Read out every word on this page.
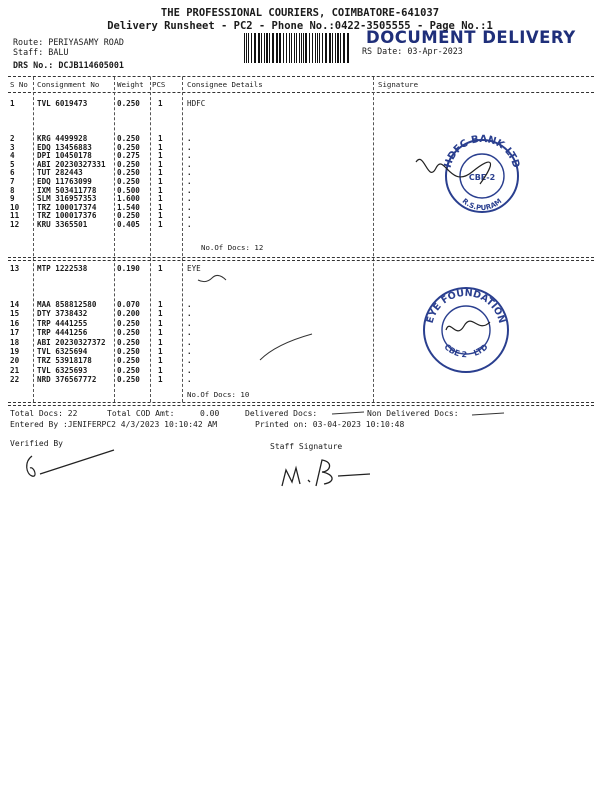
THE PROFESSIONAL COURIERS, COIMBATORE-641037
Delivery Runsheet - PC2 - Phone No.:0422-3505555 - Page No.:1
Route: PERIYASAMY ROAD
Staff: BALU
DRS No.: DCJB114605001
DOCUMENT DELIVERY
RS Date: 03-Apr-2023
S No Consignment No Weight PCS	Consignee Details	Signature
1	TVL 6019473	0.250 1	HDFC
2	KRG 4499928	0.250 1	.
3	EDQ 13456883	0.250 1	.
4	DPI 10450178	0.275 1	.
5	ABI 20230327331 0.250 1	.
6	TUT 282443	0.250 1	.
7	EDQ 11763099	0.250 1	.
8	IXM 503411778	0.500 1	.
9	SLM 316957353	1.600 1	.
10 TRZ 100017374	1.540 1	.
11 TRZ 100017376	0.250 1	.
12 KRU 3365501	0.405 1	.
No.Of Docs: 12
HDFC BANK LTD
CBE-2
R.S.PURAM
13 MTP 1222538	0.190 1	EYE
14 MAA 858812580	0.070 1	.
15 DTY 3738432	0.200 1	.
16 TRP 4441255	0.250 1	.
17 TRP 4441256	0.250 1	.
18 ABI 20230327372 0.250 1	.
19 TVL 6325694	0.250 1	.
20 TRZ 53918178	0.250 1	.
21 TVL 6325693	0.250 1	.
22 NRD 376567772	0.250 1	.
No.Of Docs: 10
EYE FOUNDATION
CBE 2 LTD
Total Docs: 22	Total COD Amt:	0.00	Delivered Docs:	Non Delivered Docs:
Entered By :JENIFERPC2 4/3/2023 10:10:42 AM	Printed on: 03-04-2023 10:10:48
Verified By	Staff Signature
